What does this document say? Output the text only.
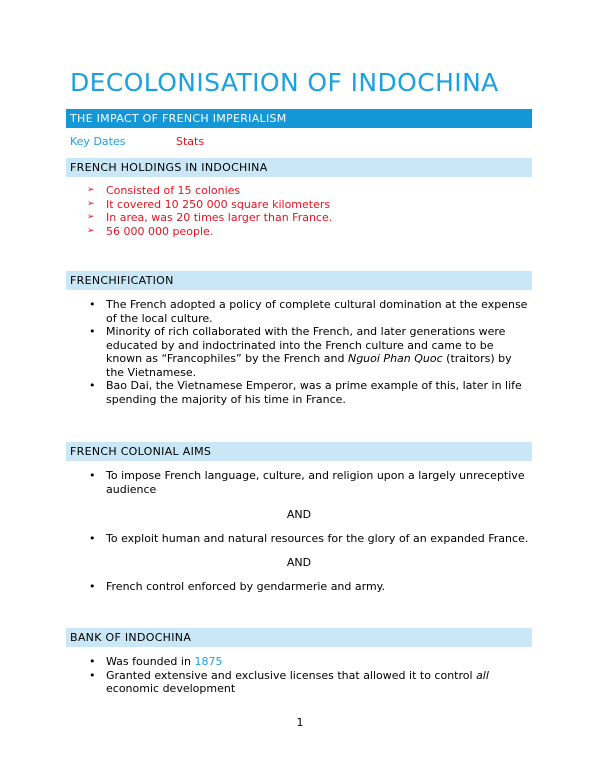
DECOLONISATION OF INDOCHINA
THE IMPACT OF FRENCH IMPERIALISM
Key Dates	Stats
FRENCH HOLDINGS IN INDOCHINA
➢ Consisted of 15 colonies
➢ It covered 10 250 000 square kilometers
➢ In area, was 20 times larger than France.
➢ 56 000 000 people.
FRENCHIFICATION
• The French adopted a policy of complete cultural domination at the expense of the local culture.
• Minority of rich collaborated with the French, and later generations were educated by and indoctrinated into the French culture and came to be known as “Francophiles” by the French and Nguoi Phan Quoc (traitors) by the Vietnamese.
• Bao Dai, the Vietnamese Emperor, was a prime example of this, later in life spending the majority of his time in France.
FRENCH COLONIAL AIMS
• To impose French language, culture, and religion upon a largely unreceptive audience
AND
• To exploit human and natural resources for the glory of an expanded France.
AND
• French control enforced by gendarmerie and army.
BANK OF INDOCHINA
• Was founded in 1875
• Granted extensive and exclusive licenses that allowed it to control all economic development
1
